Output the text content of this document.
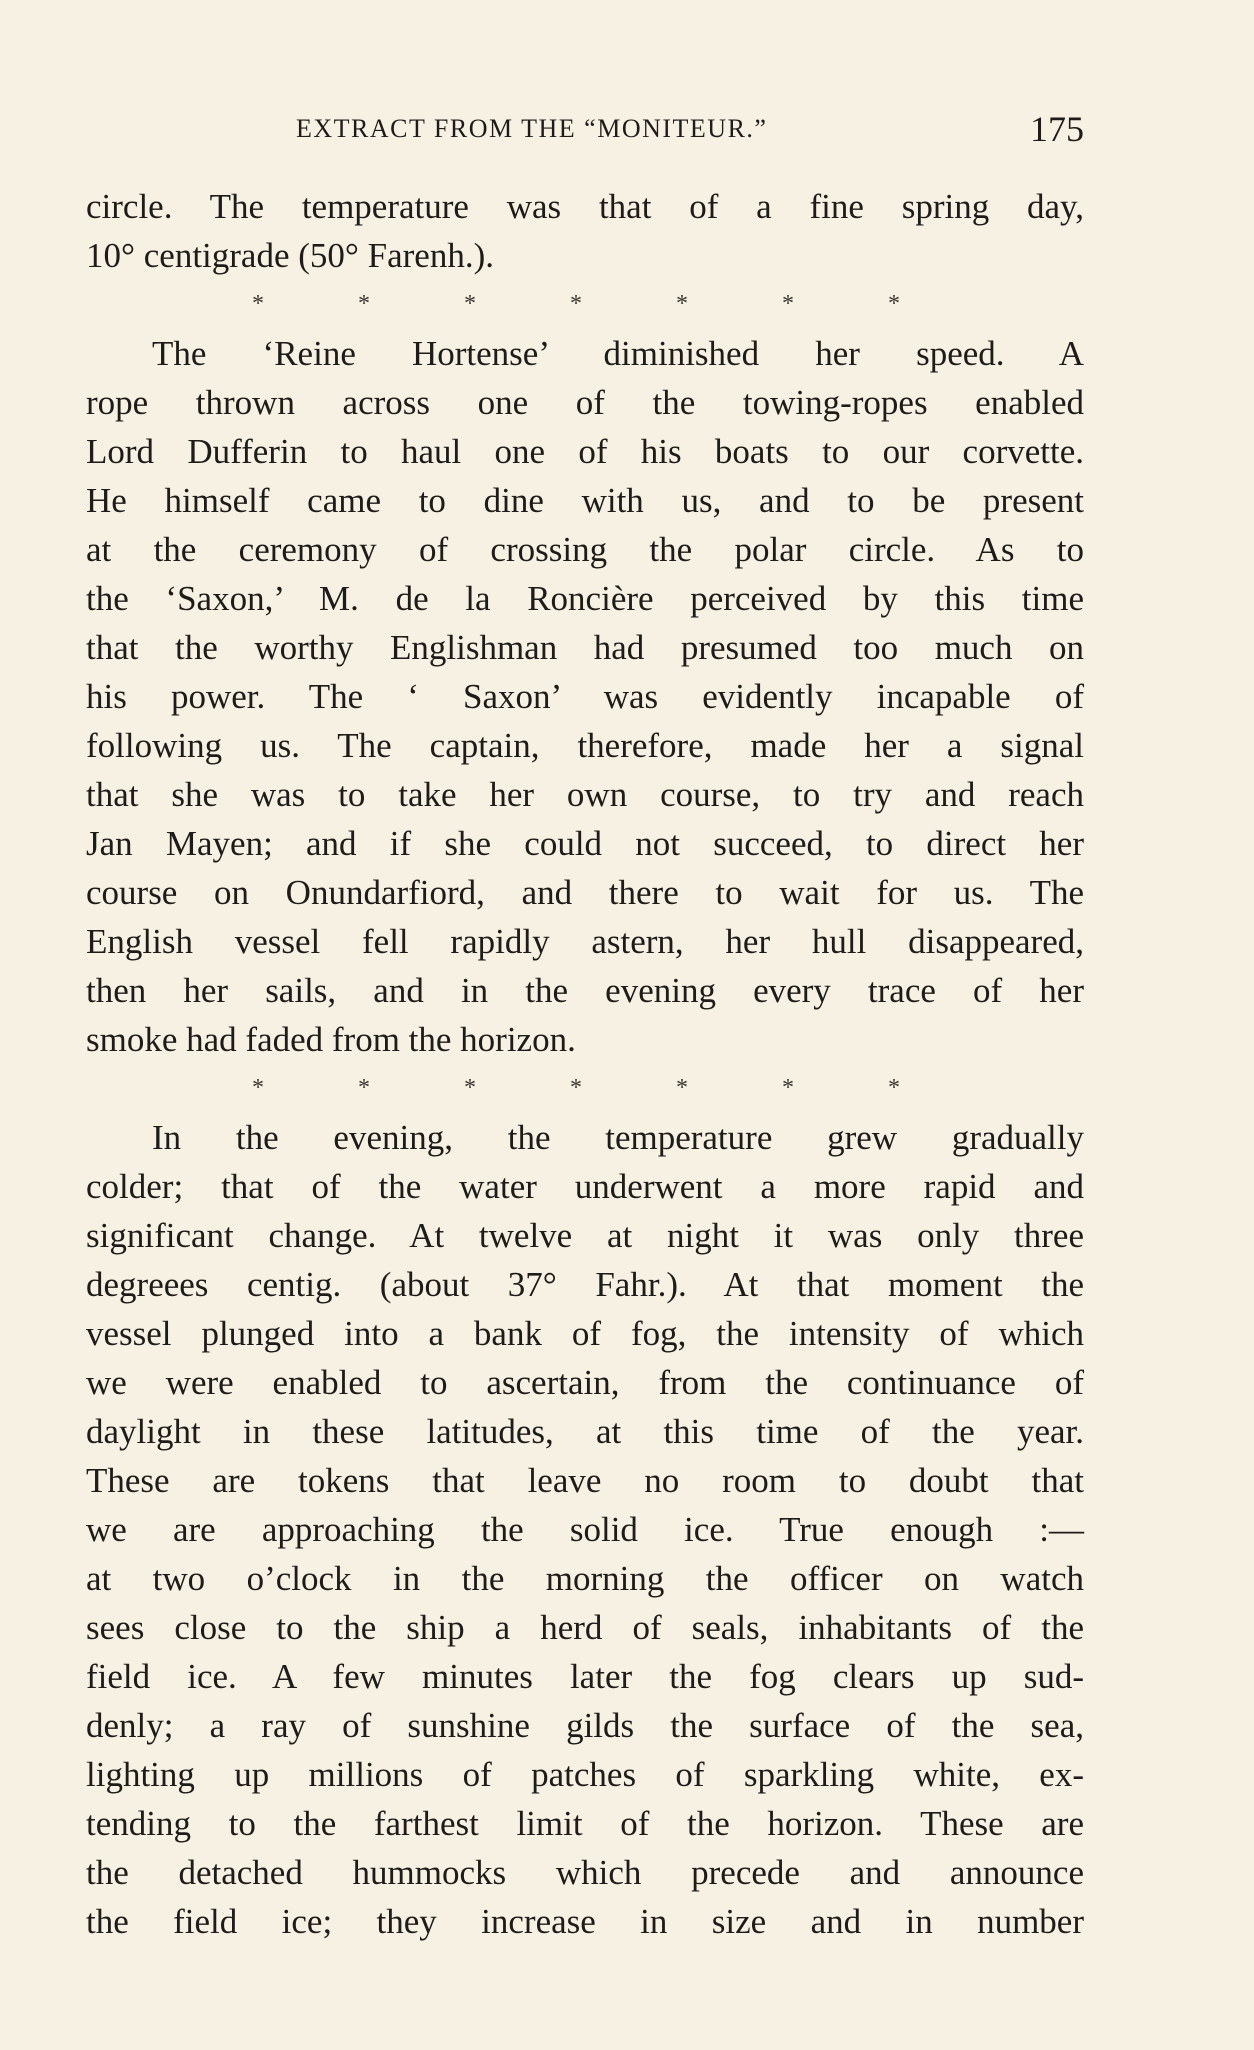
EXTRACT FROM THE “MONITEUR.”	175
circle. The temperature was that of a fine spring day,
10° centigrade (50° Farenh.).
*	*	*	*	*	*	*
The ‘Reine Hortense’ diminished her speed. A
rope thrown across one of the towing-ropes enabled
Lord Dufferin to haul one of his boats to our corvette.
He himself came to dine with us, and to be present
at the ceremony of crossing the polar circle. As to
the ‘Saxon,’ M. de la Roncière perceived by this time
that the worthy Englishman had presumed too much on
his power. The ‘ Saxon’ was evidently incapable of
following us. The captain, therefore, made her a signal
that she was to take her own course, to try and reach
Jan Mayen; and if she could not succeed, to direct her
course on Onundarfiord, and there to wait for us. The
English vessel fell rapidly astern, her hull disappeared,
then her sails, and in the evening every trace of her
smoke had faded from the horizon.
*	*	*	*	*	*	*
In the evening, the temperature grew gradually
colder; that of the water underwent a more rapid and
significant change. At twelve at night it was only three
degreees centig. (about 37° Fahr.). At that moment the
vessel plunged into a bank of fog, the intensity of which
we were enabled to ascertain, from the continuance of
daylight in these latitudes, at this time of the year.
These are tokens that leave no room to doubt that
we are approaching the solid ice. True enough :—
at two o’clock in the morning the officer on watch
sees close to the ship a herd of seals, inhabitants of the
field ice. A few minutes later the fog clears up sud-
denly; a ray of sunshine gilds the surface of the sea,
lighting up millions of patches of sparkling white, ex-
tending to the farthest limit of the horizon. These are
the detached hummocks which precede and announce
the field ice; they increase in size and in number
